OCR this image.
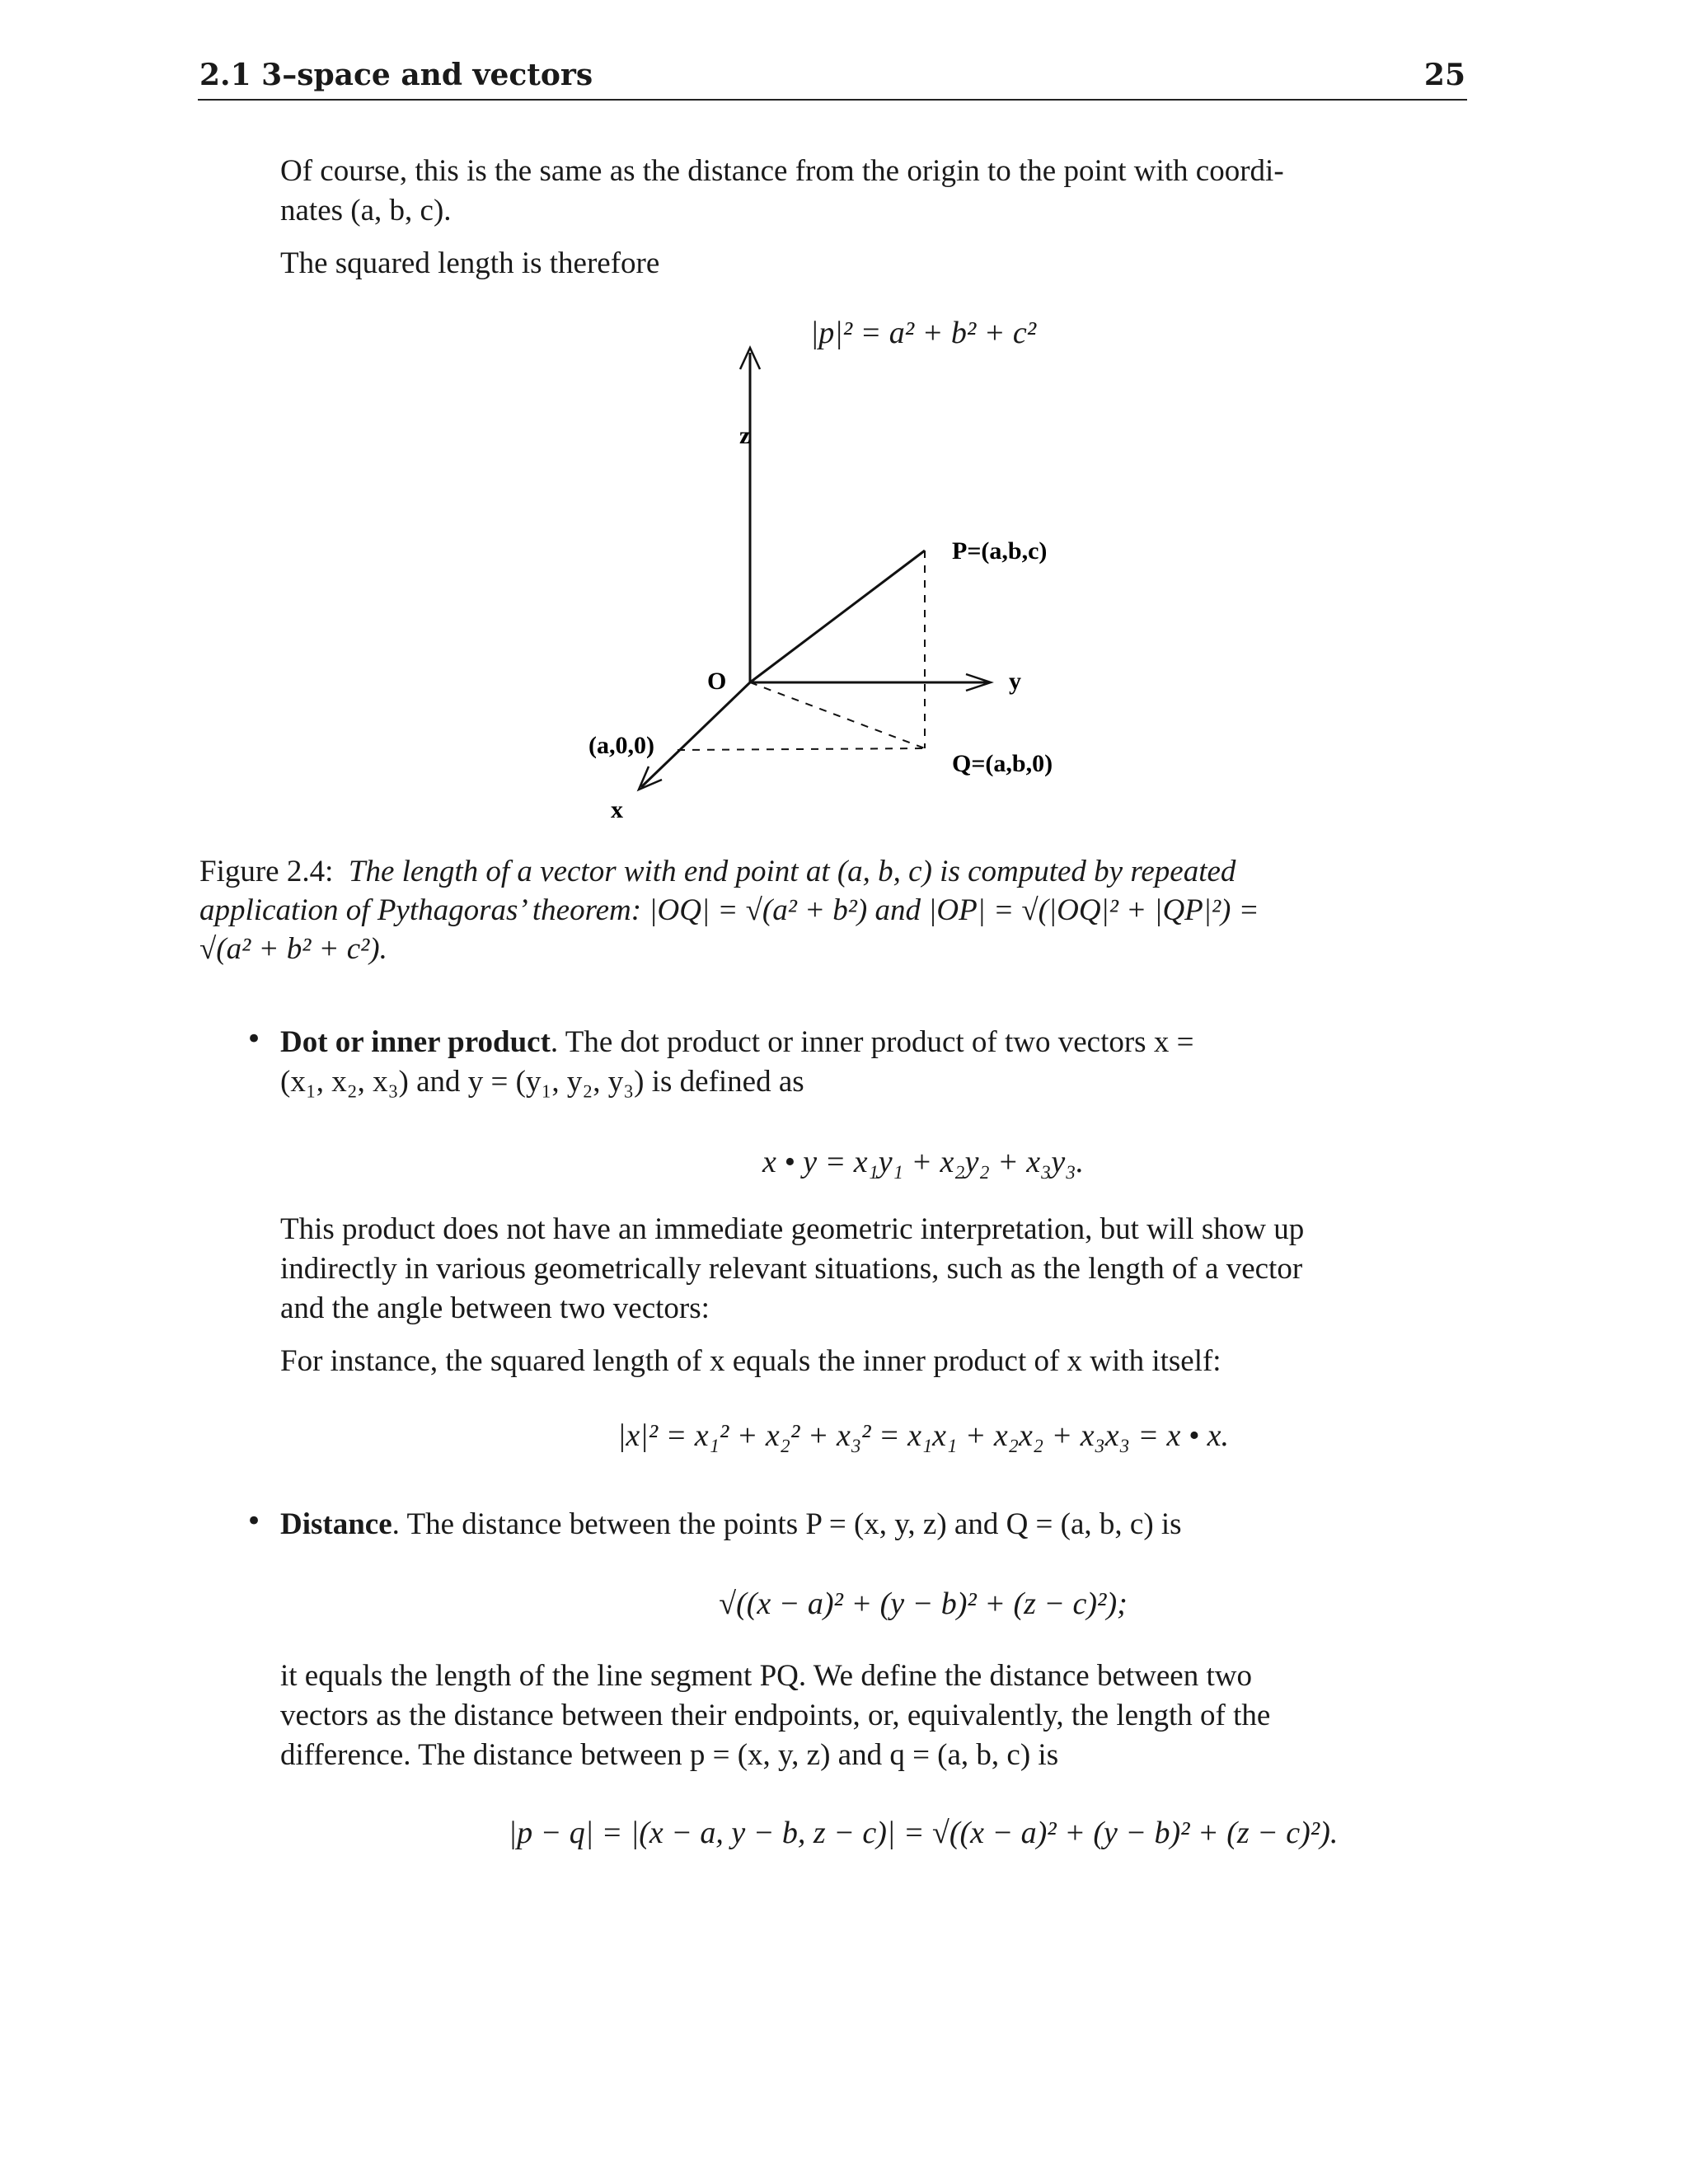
2.1 3–space and vectors	25
Of course, this is the same as the distance from the origin to the point with coordi-
nates (a, b, c).
The squared length is therefore
|p|² = a² + b² + c²
z
P=(a,b,c)
O	y
(a,0,0)
Q=(a,b,0)
x
Figure 2.4: The length of a vector with end point at (a, b, c) is computed by repeated
application of Pythagoras’ theorem: |OQ| = √(a² + b²) and |OP| = √(|OQ|² + |QP|²) =
√(a² + b² + c²).
• Dot or inner product. The dot product or inner product of two vectors x =
(x₁, x₂, x₃) and y = (y₁, y₂, y₃) is defined as
x • y = x₁y₁ + x₂y₂ + x₃y₃.
This product does not have an immediate geometric interpretation, but will show up
indirectly in various geometrically relevant situations, such as the length of a vector
and the angle between two vectors:
For instance, the squared length of x equals the inner product of x with itself:
|x|² = x₁² + x₂² + x₃² = x₁x₁ + x₂x₂ + x₃x₃ = x • x.
• Distance. The distance between the points P = (x, y, z) and Q = (a, b, c) is
√((x − a)² + (y − b)² + (z − c)²);
it equals the length of the line segment PQ. We define the distance between two
vectors as the distance between their endpoints, or, equivalently, the length of the
difference. The distance between p = (x, y, z) and q = (a, b, c) is
|p − q| = |(x − a, y − b, z − c)| = √((x − a)² + (y − b)² + (z − c)²).
